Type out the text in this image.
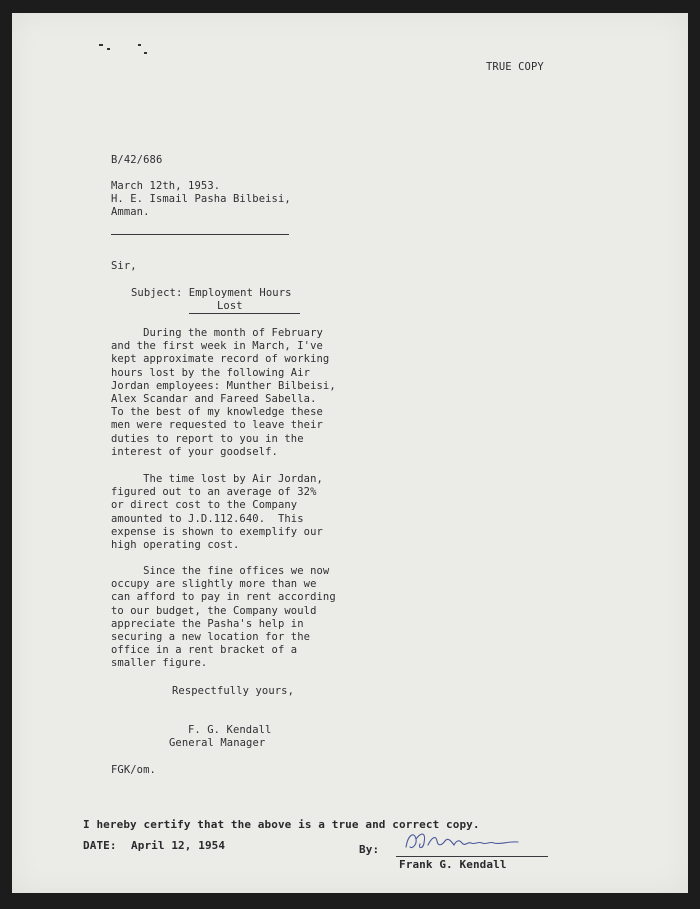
TRUE COPY
B/42/686
March 12th, 1953.
H. E. Ismail Pasha Bilbeisi,
Amman.
Sir,
Subject: Employment Hours
Lost
During the month of February
and the first week in March, I've
kept approximate record of working
hours lost by the following Air
Jordan employees: Munther Bilbeisi,
Alex Scandar and Fareed Sabella.
To the best of my knowledge these
men were requested to leave their
duties to report to you in the
interest of your goodself.
The time lost by Air Jordan,
figured out to an average of 32%
or direct cost to the Company
amounted to J.D.112.640.  This
expense is shown to exemplify our
high operating cost.
Since the fine offices we now
occupy are slightly more than we
can afford to pay in rent according
to our budget, the Company would
appreciate the Pasha's help in
securing a new location for the
office in a rent bracket of a
smaller figure.
Respectfully yours,
F. G. Kendall
General Manager
FGK/om.
I hereby certify that the above is a true and correct copy.
DATE: April 12, 1954	By:
Frank G. Kendall
